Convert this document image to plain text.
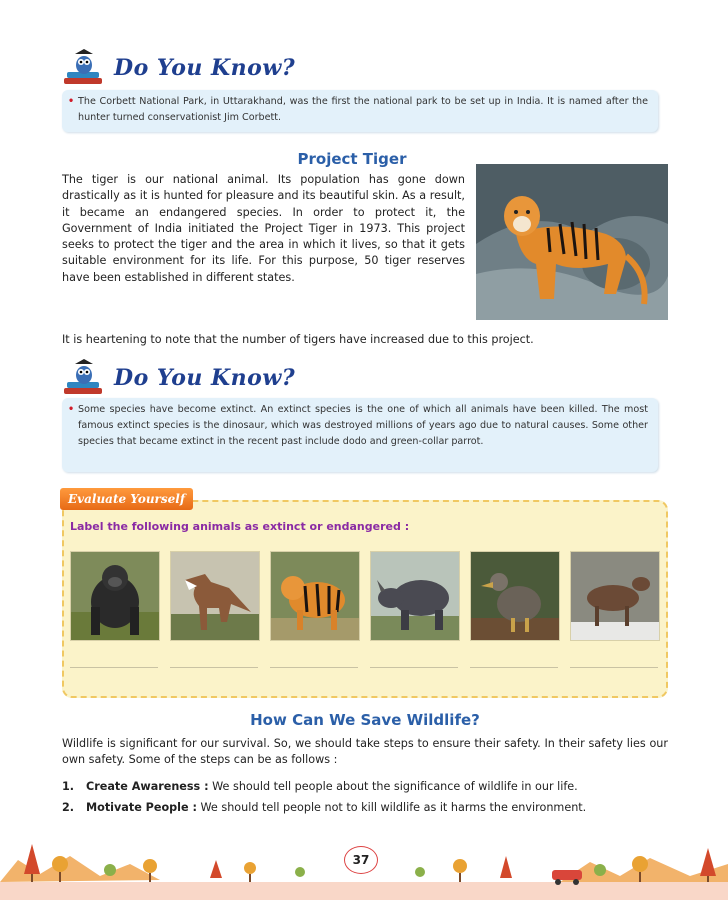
Do You Know?
• The Corbett National Park, in Uttarakhand, was the first the national park to be set up in India. It is named after the hunter turned conservationist Jim Corbett.
Project Tiger
The tiger is our national animal. Its population has gone down drastically as it is hunted for pleasure and its beautiful skin. As a result, it became an endangered species. In order to protect it, the Government of India initiated the Project Tiger in 1973. This project seeks to protect the tiger and the area in which it lives, so that it gets suitable environment for its life. For this purpose, 50 tiger reserves have been established in different states.
It is heartening to note that the number of tigers have increased due to this project.
Do You Know?
• Some species have become extinct. An extinct species is the one of which all animals have been killed. The most famous extinct species is the dinosaur, which was destroyed millions of years ago due to natural causes. Some other species that became extinct in the recent past include dodo and green-collar parrot.
Evaluate Yourself
Label the following animals as extinct or endangered :
How Can We Save Wildlife?
Wildlife is significant for our survival. So, we should take steps to ensure their safety. In their safety lies our own safety. Some of the steps can be as follows :
1. Create Awareness : We should tell people about the significance of wildlife in our life.
2. Motivate People : We should tell people not to kill wildlife as it harms the environment.
37
